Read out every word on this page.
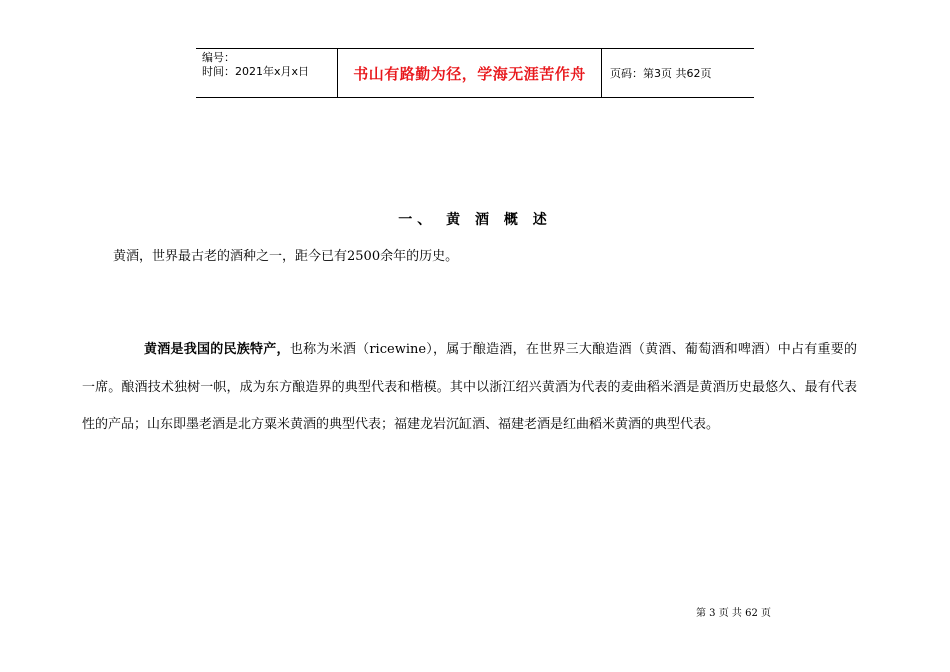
编号：
时间：2021年x月x日	书山有路勤为径，学海无涯苦作舟	页码：第3页 共62页
一、 黄 酒 概 述
黄酒，世界最古老的酒种之一，距今已有2500余年的历史。
黄酒是我国的民族特产，也称为米酒（ricewine），属于酿造酒，在世界三大酿造酒（黄酒、葡萄酒和啤酒）中占有重要的一席。酿酒技术独树一帜，成为东方酿造界的典型代表和楷模。其中以浙江绍兴黄酒为代表的麦曲稻米酒是黄酒历史最悠久、最有代表性的产品；山东即墨老酒是北方粟米黄酒的典型代表；福建龙岩沉缸酒、福建老酒是红曲稻米黄酒的典型代表。
第 3 页 共 62 页
